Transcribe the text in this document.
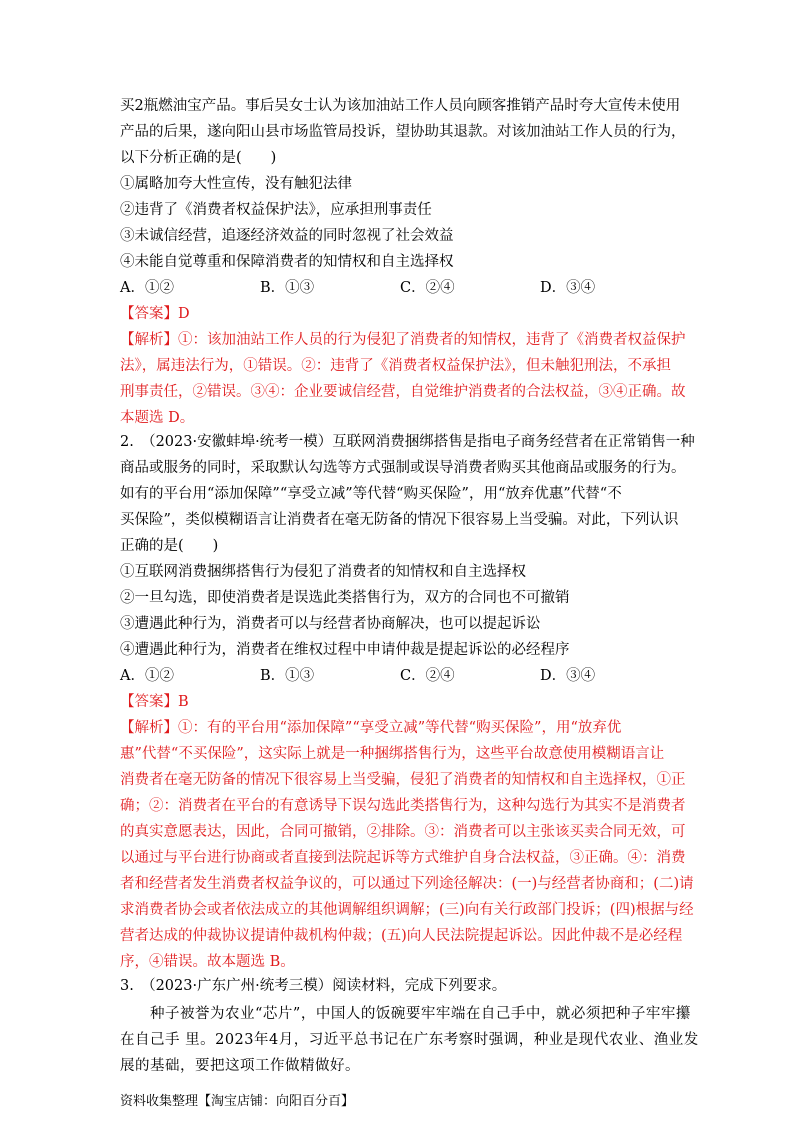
买2瓶燃油宝产品。事后吴女士认为该加油站工作人员向顾客推销产品时夸大宣传未使用
产品的后果，遂向阳山县市场监管局投诉，望协助其退款。对该加油站工作人员的行为，
以下分析正确的是(　　)
①属略加夸大性宣传，没有触犯法律
②违背了《消费者权益保护法》，应承担刑事责任
③未诚信经营，追逐经济效益的同时忽视了社会效益
④未能自觉尊重和保障消费者的知情权和自主选择权
A．①②	B．①③	C．②④	D．③④
【答案】D
【解析】①：该加油站工作人员的行为侵犯了消费者的知情权，违背了《消费者权益保护
法》，属违法行为，①错误。②：违背了《消费者权益保护法》，但未触犯刑法，不承担
刑事责任，②错误。③④：企业要诚信经营，自觉维护消费者的合法权益，③④正确。故
本题选 D。
2.　（2023·安徽蚌埠·统考一模）互联网消费捆绑搭售是指电子商务经营者在正常销售一种
商品或服务的同时，采取默认勾选等方式强制或误导消费者购买其他商品或服务的行为。
如有的平台用“添加保障”“享受立减”等代替“购买保险”，用“放弃优惠”代替“不
买保险”，类似模糊语言让消费者在毫无防备的情况下很容易上当受骗。对此，下列认识
正确的是(　　)
①互联网消费捆绑搭售行为侵犯了消费者的知情权和自主选择权
②一旦勾选，即使消费者是误选此类搭售行为，双方的合同也不可撤销
③遭遇此种行为，消费者可以与经营者协商解决，也可以提起诉讼
④遭遇此种行为，消费者在维权过程中申请仲裁是提起诉讼的必经程序
A．①②	B．①③	C．②④	D．③④
【答案】B
【解析】①：有的平台用“添加保障”“享受立减”等代替“购买保险”，用“放弃优
惠”代替“不买保险”，这实际上就是一种捆绑搭售行为，这些平台故意使用模糊语言让
消费者在毫无防备的情况下很容易上当受骗，侵犯了消费者的知情权和自主选择权，①正
确；②：消费者在平台的有意诱导下误勾选此类搭售行为，这种勾选行为其实不是消费者
的真实意愿表达，因此，合同可撤销，②排除。③：消费者可以主张该买卖合同无效，可
以通过与平台进行协商或者直接到法院起诉等方式维护自身合法权益，③正确。④：消费
者和经营者发生消费者权益争议的，可以通过下列途径解决：(一)与经营者协商和；(二)请
求消费者协会或者依法成立的其他调解组织调解；(三)向有关行政部门投诉；(四)根据与经
营者达成的仲裁协议提请仲裁机构仲裁；(五)向人民法院提起诉讼。因此仲裁不是必经程
序，④错误。故本题选 B。
3.　（2023·广东广州·统考三模）阅读材料，完成下列要求。
　　种子被誉为农业“芯片”，中国人的饭碗要牢牢端在自己手中，就必须把种子牢牢攥
在自己手 里。2023年4月，习近平总书记在广东考察时强调，种业是现代农业、渔业发
展的基础，要把这项工作做精做好。
资料收集整理【淘宝店铺：向阳百分百】
